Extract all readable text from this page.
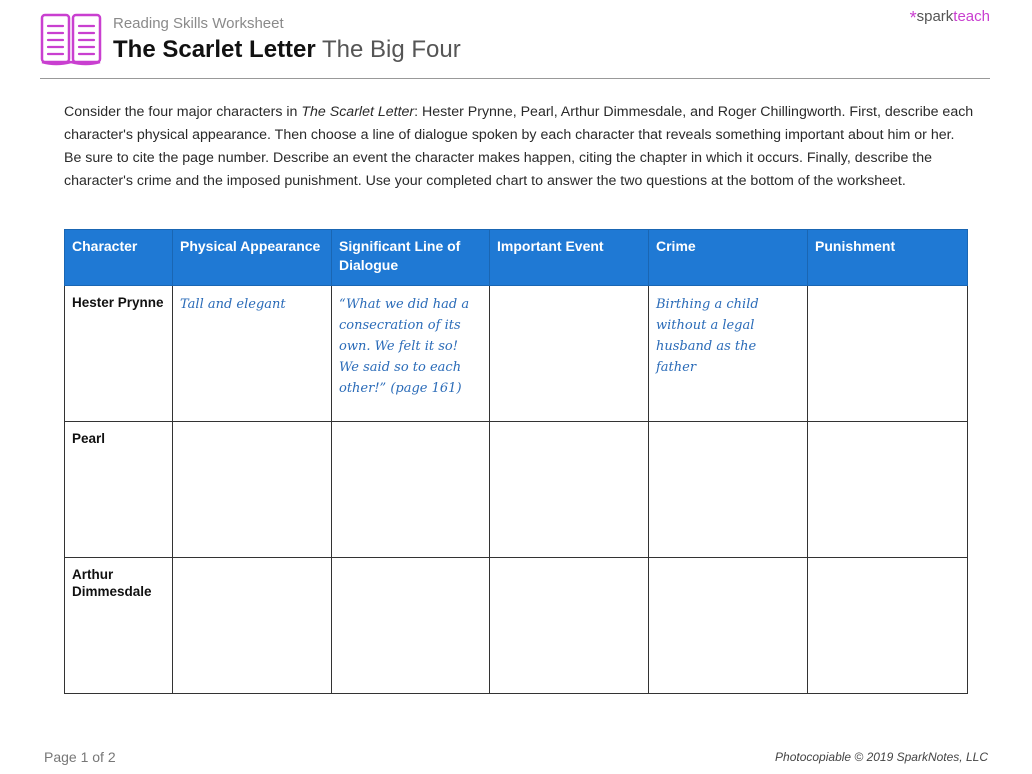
Reading Skills Worksheet
The Scarlet Letter The Big Four
*sparkteach

Consider the four major characters in The Scarlet Letter: Hester Prynne, Pearl, Arthur Dimmesdale, and Roger Chillingworth. First, describe each character's physical appearance. Then choose a line of dialogue spoken by each character that reveals something important about him or her. Be sure to cite the page number. Describe an event the character makes happen, citing the chapter in which it occurs. Finally, describe the character's crime and the imposed punishment. Use your completed chart to answer the two questions at the bottom of the worksheet.

Character	Physical Appearance	Significant Line of Dialogue	Important Event	Crime	Punishment
Hester Prynne	Tall and elegant	“What we did had a consecration of its own. We felt it so! We said so to each other!” (page 161)		Birthing a child without a legal husband as the father	
Pearl					
Arthur Dimmesdale					
Page 1 of 2	Photocopiable © 2019 SparkNotes, LLC
